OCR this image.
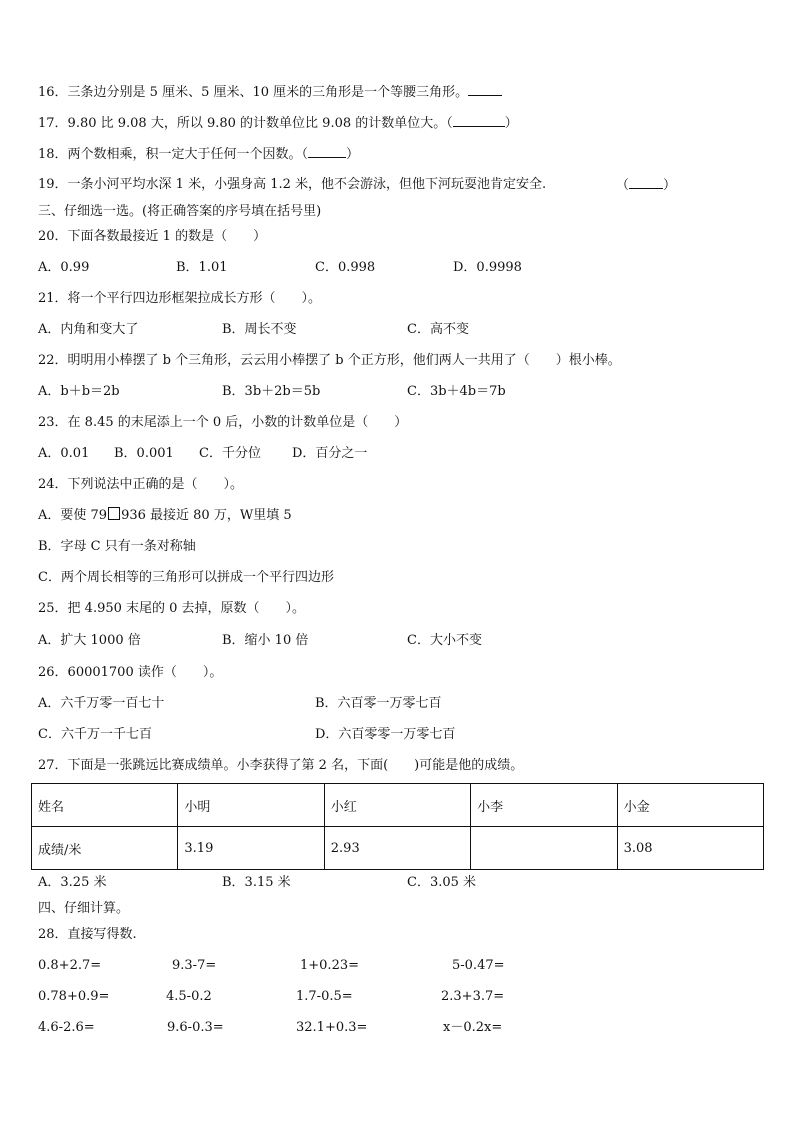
16．三条边分别是 5 厘米、5 厘米、10 厘米的三角形是一个等腰三角形。
17．9.80 比 9.08 大，所以 9.80 的计数单位比 9.08 的计数单位大。（	）
18．两个数相乘，积一定大于任何一个因数。（	）
19．一条小河平均水深 1 米，小强身高 1.2 米，他不会游泳，但他下河玩耍池肯定安全.	（	）
三、仔细选一选。(将正确答案的序号填在括号里)
20．下面各数最接近 1 的数是（　　）
A．0.99	B．1.01	C．0.998	D．0.9998
21．将一个平行四边形框架拉成长方形（　　）。
A．内角和变大了	B．周长不变	C．高不变
22．明明用小棒摆了 b 个三角形，云云用小棒摆了 b 个正方形，他们两人一共用了（　　）根小棒。
A．b＋b＝2b	B．3b＋2b＝5b	C．3b＋4b＝7b
23．在 8.45 的末尾添上一个 0 后，小数的计数单位是（　　）
A．0.01 B．0.001 C．千分位 D．百分之一
24．下列说法中正确的是（　　）。
A．要使 79 936 最接近 80 万，W里填 5
B．字母 C 只有一条对称轴
C．两个周长相等的三角形可以拼成一个平行四边形
25．把 4.950 末尾的 0 去掉，原数（　　）。
A．扩大 1000 倍	B．缩小 10 倍	C．大小不变
26．60001700 读作（　　）。
A．六千万零一百七十	B．六百零一万零七百
C．六千万一千七百	D．六百零零一万零七百
27．下面是一张跳远比赛成绩单。小李获得了第 2 名，下面(　　)可能是他的成绩。
姓名	小明	小红	小李	小金
成绩/米	3.19	2.93		3.08
A．3.25 米	B．3.15 米	C．3.05 米
四、仔细计算。
28．直接写得数.
0.8+2.7=	9.3-7=	1+0.23=	5-0.47=
0.78+0.9=	4.5-0.2	1.7-0.5=	2.3+3.7=
4.6-2.6=	9.6-0.3=	32.1+0.3=	x－0.2x=
